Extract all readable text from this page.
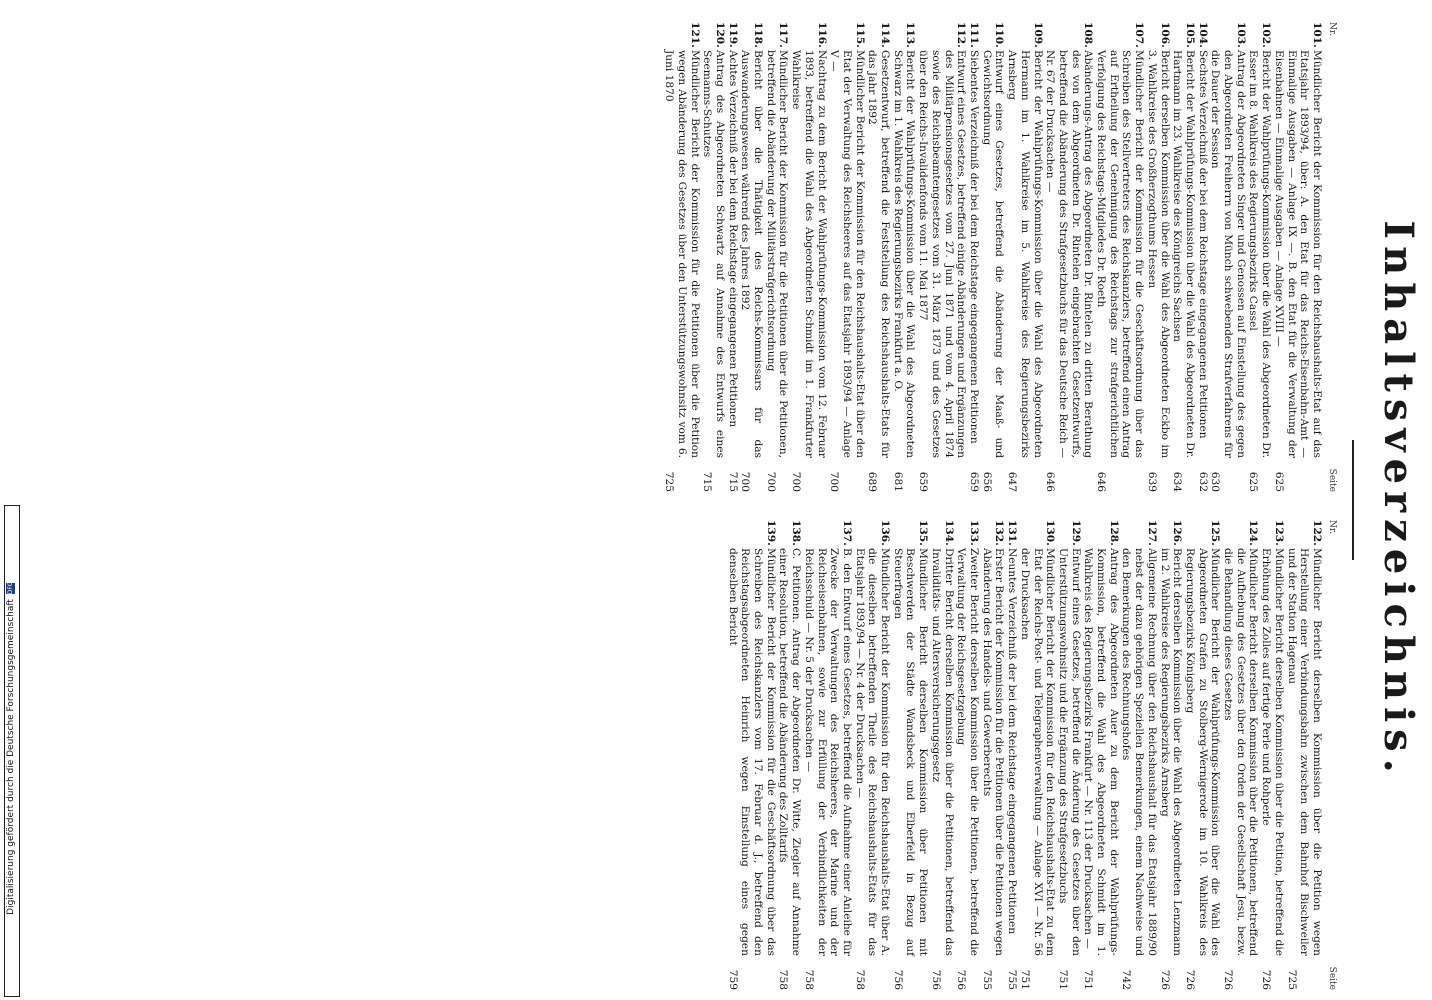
Inhaltsverzeichnis.
Nr.
Seite
101.
Mündlicher Bericht der Kommission für den Reichshaushalts-Etat auf das Etatsjahr 1893/94, über: A. den Etat für das Reichs-Eisenbahn-Amt — Einmalige Ausgaben — Anlage IX —. B. den Etat für die Verwaltung der Eisenbahnen — Einmalige Ausgaben — Anlage XVIII —
625
102.
Bericht der Wahlprüfungs-Kommission über die Wahl des Abgeordneten Dr. Esser im 8. Wahlkreis des Regierungsbezirks Cassel
625
103.
Antrag der Abgeordneten Singer und Genossen auf Einstellung des gegen den Abgeordneten Freiherrn von Münch schwebenden Strafverfahrens für die Dauer der Session
630
104.
Sechstes Verzeichniß der bei dem Reichstage eingegangenen Petitionen
632
105.
Bericht der Wahlprüfungs-Kommission über die Wahl des Abgeordneten Dr. Hartmann im 23. Wahlkreise des Königreichs Sachsen
634
106.
Bericht derselben Kommission über die Wahl des Abgeordneten Eckbo im 3. Wahlkreise des Großherzogthums Hessen
639
107.
Mündlicher Bericht der Kommission für die Geschäftsordnung über das Schreiben des Stellvertreters des Reichskanzlers, betreffend einen Antrag auf Ertheilung der Genehmigung des Reichstags zur strafgerichtlichen Verfolgung des Reichstags-Mitgliedes Dr. Roeth
646
108.
Abänderungs-Antrag des Abgeordneten Dr. Rintelen zu dritten Berathung des von dem Abgeordneten Dr. Rintelen eingebrachten Gesetzentwurfs, betreffend die Abänderung des Strafgesetzbuchs für das Deutsche Reich — Nr. 67 der Drucksachen —
646
109.
Bericht der Wahlprüfungs-Kommission über die Wahl des Abgeordneten Hermann im 1. Wahlkreise im 5. Wahlkreise des Regierungsbezirks Arnsberg
647
110.
Entwurf eines Gesetzes, betreffend die Abänderung der Maaß- und Gewichtsordnung
656
111.
Siebentes Verzeichniß der bei dem Reichstage eingegangenen Petitionen
659
112.
Entwurf eines Gesetzes, betreffend einige Abänderungen und Ergänzungen des Militärpensionsgesetzes vom 27. Juni 1871 und vom 4. April 1874 sowie des Reichsbeamtengesetzes vom 31. März 1873 und des Gesetzes über den Reichs-Invalidenfonds vom 11. Mai 1877
659
113.
Bericht der Wahlprüfungs-Kommission über die Wahl des Abgeordneten Schwarz im 1. Wahlkreis des Regierungsbezirks Frankfurt a. O.
681
114.
Gesetzentwurf, betreffend die Feststellung des Reichshaushalts-Etats für das Jahr 1892
689
115.
Mündlicher Bericht der Kommission für den Reichshaushalts-Etat über den Etat der Verwaltung des Reichsheeres auf das Etatsjahr 1893/94 — Anlage V —
700
116.
Nachtrag zu dem Bericht der Wahlprüfungs-Kommission vom 12. Februar 1893, betreffend die Wahl des Abgeordneten Schmidt im 1. Frankfurter Wahlkreise
700
117.
Mündlicher Bericht der Kommission für die Petitionen über die Petitionen, betreffend die Abänderung der Militärstrafgerichtsordnung
700
118.
Bericht über die Thätigkeit des Reichs-Kommissars für das Auswanderungswesen während des Jahres 1892
700
119.
Achtes Verzeichniß der bei dem Reichstage eingegangenen Petitionen
715
120.
Antrag des Abgeordneten Schwartz auf Annahme des Entwurfs eines Seemanns-Schutzes
715
121.
Mündlicher Bericht der Kommission für die Petitionen über die Petition wegen Abänderung des Gesetzes über den Unterstützungswohnsitz vom 6. Juni 1870
725
Nr.
Seite
122.
Mündlicher Bericht derselben Kommission über die Petition wegen Herstellung einer Verbindungsbahn zwischen dem Bahnhof Bischweiler und der Station Hagenau
725
123.
Mündlicher Bericht derselben Kommission über die Petition, betreffend die Erhöhung des Zolles auf fertige Perle und Rohperle
726
124.
Mündlicher Bericht derselben Kommission über die Petitionen, betreffend die Aufhebung des Gesetzes über den Orden der Gesellschaft Jesu, bezw. die Behandlung dieses Gesetzes
726
125.
Mündlicher Bericht der Wahlprüfungs-Kommission über die Wahl des Abgeordneten Grafen zu Stolberg-Wernigerode im 10. Wahlkreis des Regierungsbezirks Königsberg
726
126.
Bericht derselben Kommission über die Wahl des Abgeordneten Lenzmann im 2. Wahlkreise des Regierungsbezirks Arnsberg
726
127.
Allgemeine Rechnung über den Reichshaushalt für das Etatsjahr 1889/90 nebst der dazu gehörigen Speziellen Bemerkungen, einem Nachweise und den Bemerkungen des Rechnungshofes
742
128.
Antrag des Abgeordneten Auer zu dem Bericht der Wahlprüfungs-Kommission, betreffend die Wahl des Abgeordneten Schmidt im 1. Wahlkreis des Regierungsbezirks Frankfurt — Nr. 113 der Drucksachen —
751
129.
Entwurf eines Gesetzes, betreffend die Änderung des Gesetzes über den Unterstützungswohnsitz und die Ergänzung des Strafgesetzbuchs
751
130.
Mündlicher Bericht der Kommission für den Reichshaushalts-Etat zu dem Etat der Reichs-Post- und Telegraphenverwaltung — Anlage XVI — Nr. 56 der Drucksachen
751
131.
Neuntes Verzeichniß der bei dem Reichstage eingegangenen Petitionen
755
132.
Erster Bericht der Kommission für die Petitionen über die Petitionen wegen Abänderung des Handels- und Gewerberechts
755
133.
Zweiter Bericht derselben Kommission über die Petitionen, betreffend die Verwaltung der Reichsgesetzgebung
756
134.
Dritter Bericht derselben Kommission über die Petitionen, betreffend das Invaliditäts- und Altersversicherungsgesetz
756
135.
Mündlicher Bericht derselben Kommission über Petitionen mit Beschwerden der Städte Wandsbeck und Elberfeld in Bezug auf Steuerfragen
756
136.
Mündlicher Bericht der Kommission für den Reichshaushalts-Etat über A. die dieselben betreffenden Theile des Reichshaushalts-Etats für das Etatsjahr 1893/94 — Nr. 4 der Drucksachen —
758
137.
B. den Entwurf eines Gesetzes, betreffend die Aufnahme einer Anleihe für Zwecke der Verwaltungen des Reichsheeres, der Marine und der Reichseisenbahnen, sowie zur Erfüllung der Verbindlichkeiten der Reichsschuld — Nr. 5 der Drucksachen —
758
138.
C. Petitionen. Antrag der Abgeordneten Dr. Witte, Ziegler auf Annahme einer Resolution, betreffend die Abänderung des Zolltarifs
758
139.
Mündlicher Bericht der Kommission für die Geschäftsordnung über das Schreiben des Reichskanzlers vom 17. Februar d. J., betreffend den Reichstagsabgeordneten Heinrich wegen Einstellung eines gegen denselben Bericht
759
Digitalisierung gefördert durch die Deutsche Forschungsgemeinschaft DFG
